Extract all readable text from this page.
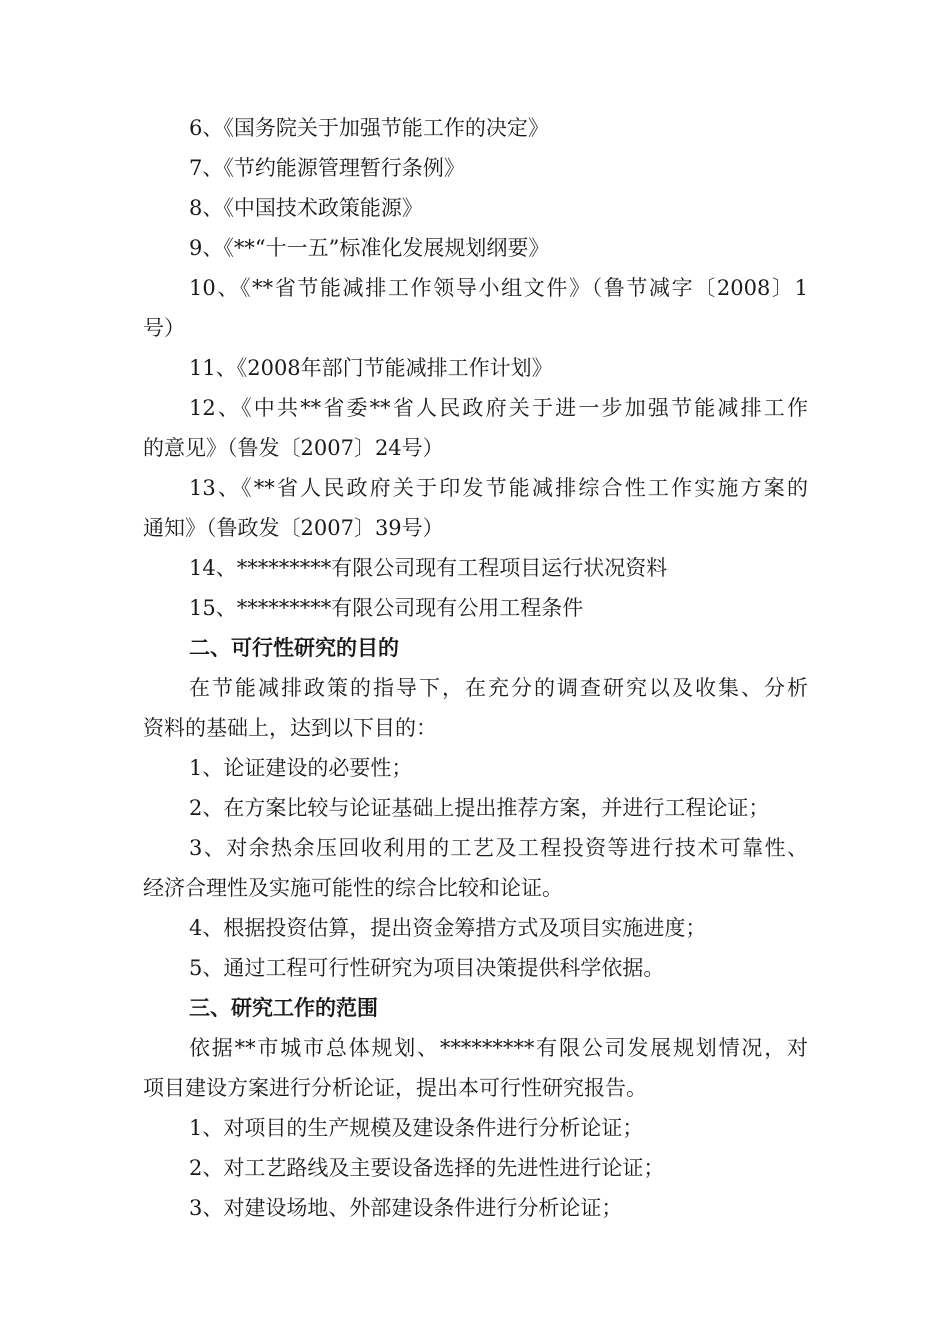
6、《国务院关于加强节能工作的决定》
7、《节约能源管理暂行条例》
8、《中国技术政策能源》
9、《**“十一五”标准化发展规划纲要》
10、《**省节能减排工作领导小组文件》（鲁节减字〔2008〕1
号）
11、《2008年部门节能减排工作计划》
12、《中共**省委**省人民政府关于进一步加强节能减排工作
的意见》（鲁发〔2007〕24号）
13、《**省人民政府关于印发节能减排综合性工作实施方案的
通知》（鲁政发〔2007〕39号）
14、*********有限公司现有工程项目运行状况资料
15、*********有限公司现有公用工程条件
二、可行性研究的目的
在节能减排政策的指导下，在充分的调查研究以及收集、分析
资料的基础上，达到以下目的：
1、论证建设的必要性；
2、在方案比较与论证基础上提出推荐方案，并进行工程论证；
3、对余热余压回收利用的工艺及工程投资等进行技术可靠性、
经济合理性及实施可能性的综合比较和论证。
4、根据投资估算，提出资金筹措方式及项目实施进度；
5、通过工程可行性研究为项目决策提供科学依据。
三、研究工作的范围
依据**市城市总体规划、*********有限公司发展规划情况，对
项目建设方案进行分析论证，提出本可行性研究报告。
1、对项目的生产规模及建设条件进行分析论证；
2、对工艺路线及主要设备选择的先进性进行论证；
3、对建设场地、外部建设条件进行分析论证；
